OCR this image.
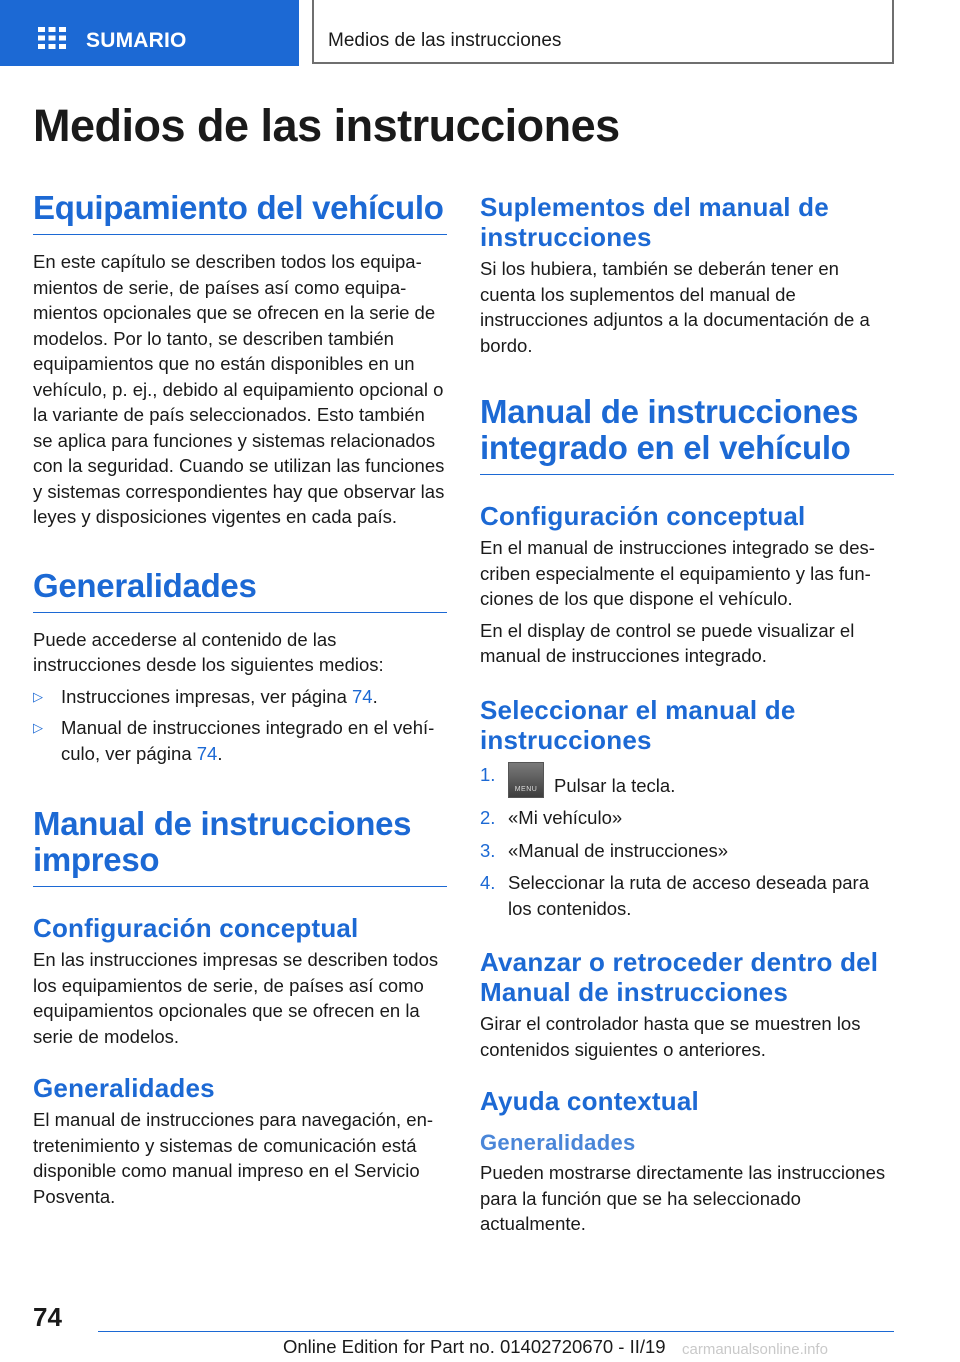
SUMARIO	Medios de las instrucciones
Medios de las instrucciones
Equipamiento del vehículo

En este capítulo se describen todos los equipamientos de serie, de países así como equipamientos opcionales que se ofrecen en la serie de modelos. Por lo tanto, se describen también equipamientos que no están disponibles en un vehículo, p. ej., debido al equipamiento opcional o la variante de país seleccionados. Esto también se aplica para funciones y sistemas relacionados con la seguridad. Cuando se utilizan las funciones y sistemas correspondientes hay que observar las leyes y disposiciones vigentes en cada país.

Generalidades

Puede accederse al contenido de las instrucciones desde los siguientes medios:

▷ Instrucciones impresas, ver página 74.
▷ Manual de instrucciones integrado en el vehículo, ver página 74.
Manual de instrucciones impreso
Configuración conceptual

En las instrucciones impresas se describen todos los equipamientos de serie, de países así como equipamientos opcionales que se ofrecen en la serie de modelos.

Generalidades

El manual de instrucciones para navegación, entretenimiento y sistemas de comunicación está disponible como manual impreso en el Servicio Posventa.

Suplementos del manual de instrucciones

Si los hubiera, también se deberán tener en cuenta los suplementos del manual de instrucciones adjuntos a la documentación de a bordo.

Manual de instrucciones integrado en el vehículo
Configuración conceptual

En el manual de instrucciones integrado se describen especialmente el equipamiento y las funciones de los que dispone el vehículo.

En el display de control se puede visualizar el manual de instrucciones integrado.

Seleccionar el manual de instrucciones
1.
MENU Pulsar la tecla.
2. «Mi vehículo»
3. «Manual de instrucciones»
4. Seleccionar la ruta de acceso deseada para los contenidos.
Avanzar o retroceder dentro del Manual de instrucciones

Girar el controlador hasta que se muestren los contenidos siguientes o anteriores.

Ayuda contextual
Generalidades

Pueden mostrarse directamente las instrucciones para la función que se ha seleccionado actualmente.

74
Online Edition for Part no. 01402720670 - II/19 carmanualsonline.info
